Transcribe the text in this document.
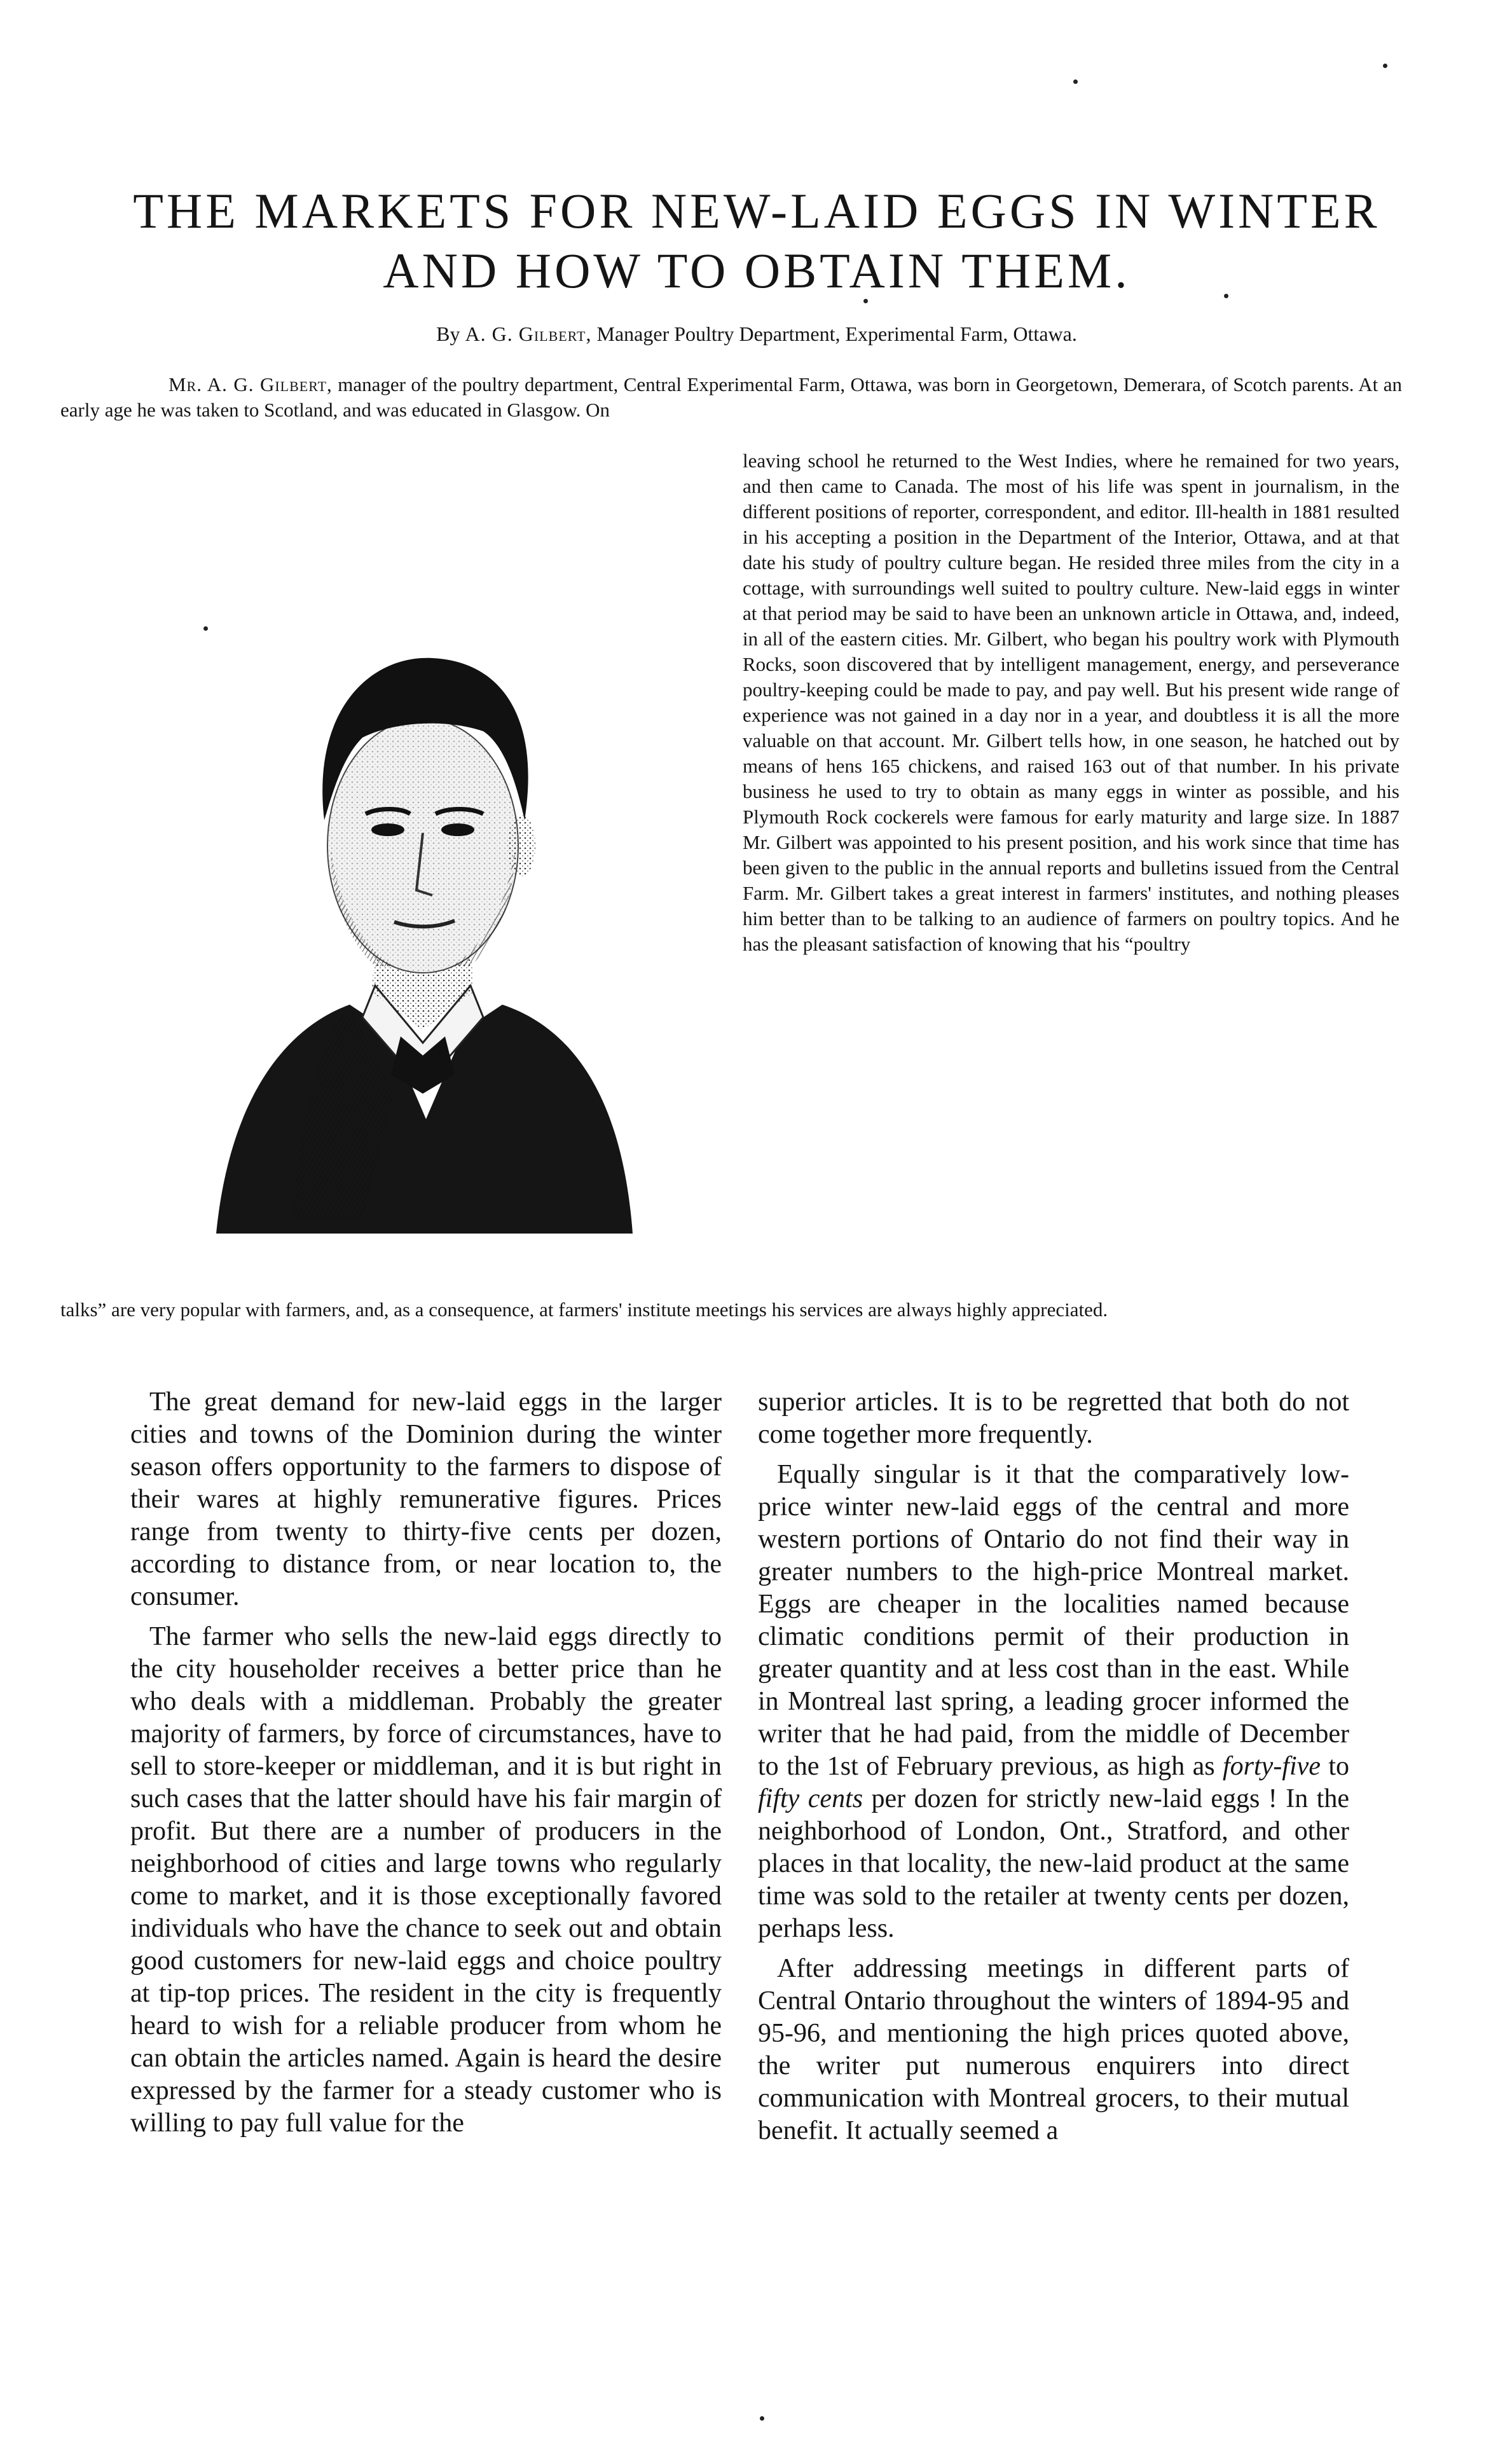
THE MARKETS FOR NEW-LAID EGGS IN WINTER AND HOW TO OBTAIN THEM.
By A. G. Gilbert, Manager Poultry Department, Experimental Farm, Ottawa.
Mr. A. G. Gilbert, manager of the poultry department, Central Experimental Farm, Ottawa, was born in Georgetown, Demerara, of Scotch parents. At an early age he was taken to Scotland, and was educated in Glasgow. On
leaving school he returned to the West Indies, where he remained for two years, and then came to Canada. The most of his life was spent in journalism, in the different positions of reporter, correspondent, and editor. Ill-health in 1881 resulted in his accepting a position in the Department of the Interior, Ottawa, and at that date his study of poultry culture began. He resided three miles from the city in a cottage, with surroundings well suited to poultry culture. New-laid eggs in winter at that period may be said to have been an unknown article in Ottawa, and, indeed, in all of the eastern cities. Mr. Gilbert, who began his poultry work with Plymouth Rocks, soon discovered that by intelligent management, energy, and perseverance poultry-keeping could be made to pay, and pay well. But his present wide range of experience was not gained in a day nor in a year, and doubtless it is all the more valuable on that account. Mr. Gilbert tells how, in one season, he hatched out by means of hens 165 chickens, and raised 163 out of that number. In his private business he used to try to obtain as many eggs in winter as possible, and his Plymouth Rock cockerels were famous for early maturity and large size. In 1887 Mr. Gilbert was appointed to his present position, and his work since that time has been given to the public in the annual reports and bulletins issued from the Central Farm. Mr. Gilbert takes a great interest in farmers' institutes, and nothing pleases him better than to be talking to an audience of farmers on poultry topics. And he has the pleasant satisfaction of knowing that his “poultry
talks” are very popular with farmers, and, as a consequence, at farmers' institute meetings his services are always highly appreciated.

The great demand for new-laid eggs in the larger cities and towns of the Dominion during the winter season offers opportunity to the farmers to dispose of their wares at highly remunerative figures. Prices range from twenty to thirty-five cents per dozen, according to distance from, or near location to, the consumer.

The farmer who sells the new-laid eggs directly to the city householder receives a better price than he who deals with a middleman. Probably the greater majority of farmers, by force of circumstances, have to sell to store-keeper or middleman, and it is but right in such cases that the latter should have his fair margin of profit. But there are a number of producers in the neighborhood of cities and large towns who regularly come to market, and it is those exceptionally favored individuals who have the chance to seek out and obtain good customers for new-laid eggs and choice poultry at tip-top prices. The resident in the city is frequently heard to wish for a reliable producer from whom he can obtain the articles named. Again is heard the desire expressed by the farmer for a steady customer who is willing to pay full value for the

superior articles. It is to be regretted that both do not come together more frequently.

Equally singular is it that the comparatively low-price winter new-laid eggs of the central and more western portions of Ontario do not find their way in greater numbers to the high-price Montreal market. Eggs are cheaper in the localities named because climatic conditions permit of their production in greater quantity and at less cost than in the east. While in Montreal last spring, a leading grocer informed the writer that he had paid, from the middle of December to the 1st of February previous, as high as forty-five to fifty cents per dozen for strictly new-laid eggs ! In the neighborhood of London, Ont., Stratford, and other places in that locality, the new-laid product at the same time was sold to the retailer at twenty cents per dozen, perhaps less.

After addressing meetings in different parts of Central Ontario throughout the winters of 1894-95 and 95-96, and mentioning the high prices quoted above, the writer put numerous enquirers into direct communication with Montreal grocers, to their mutual benefit. It actually seemed a
